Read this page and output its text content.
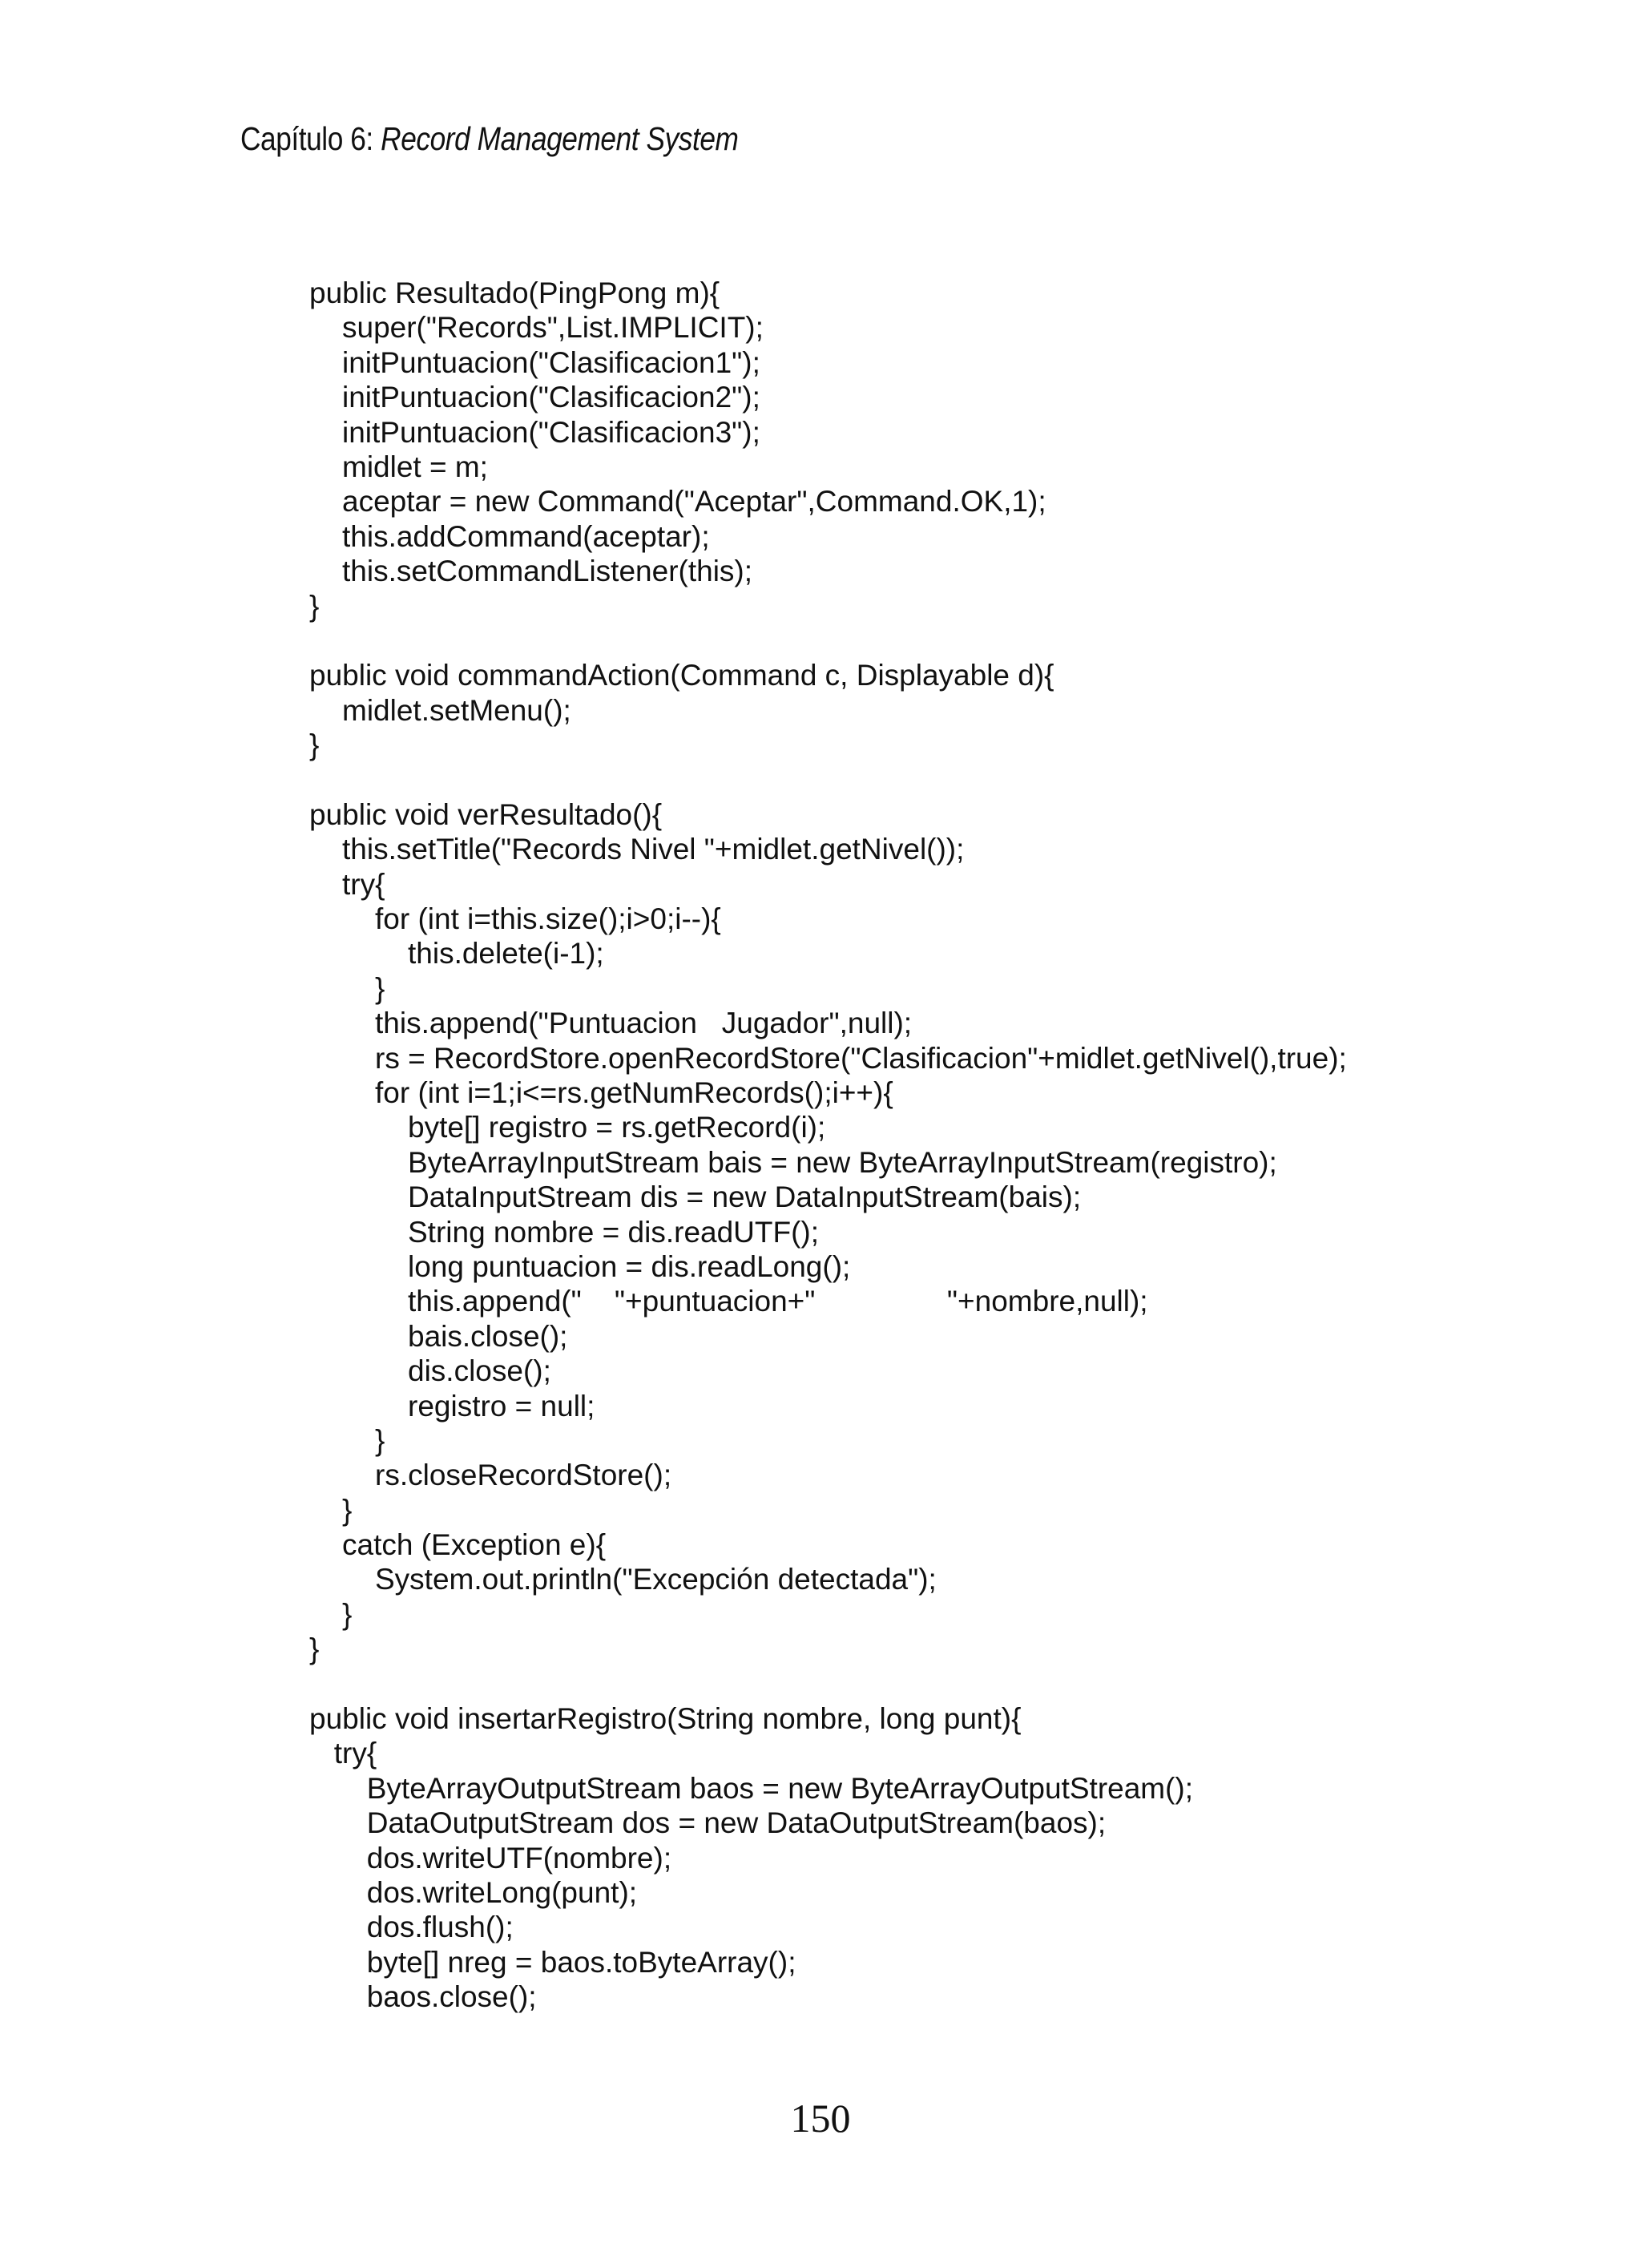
Capítulo 6: Record Management System
public Resultado(PingPong m){
super("Records",List.IMPLICIT);
initPuntuacion("Clasificacion1");
initPuntuacion("Clasificacion2");
initPuntuacion("Clasificacion3");
midlet = m;
aceptar = new Command("Aceptar",Command.OK,1);
this.addCommand(aceptar);
this.setCommandListener(this);
}
public void commandAction(Command c, Displayable d){
midlet.setMenu();
}
public void verResultado(){
this.setTitle("Records Nivel "+midlet.getNivel());
try{
for (int i=this.size();i>0;i--){
this.delete(i-1);
}
this.append("Puntuacion   Jugador",null);
rs = RecordStore.openRecordStore("Clasificacion"+midlet.getNivel(),true);
for (int i=1;i<=rs.getNumRecords();i++){
byte[] registro = rs.getRecord(i);
ByteArrayInputStream bais = new ByteArrayInputStream(registro);
DataInputStream dis = new DataInputStream(bais);
String nombre = dis.readUTF();
long puntuacion = dis.readLong();
this.append("    "+puntuacion+"                "+nombre,null);
bais.close();
dis.close();
registro = null;
}
rs.closeRecordStore();
}
catch (Exception e){
System.out.println("Excepción detectada");
}
}
public void insertarRegistro(String nombre, long punt){
try{
ByteArrayOutputStream baos = new ByteArrayOutputStream();
DataOutputStream dos = new DataOutputStream(baos);
dos.writeUTF(nombre);
dos.writeLong(punt);
dos.flush();
byte[] nreg = baos.toByteArray();
baos.close();
150
